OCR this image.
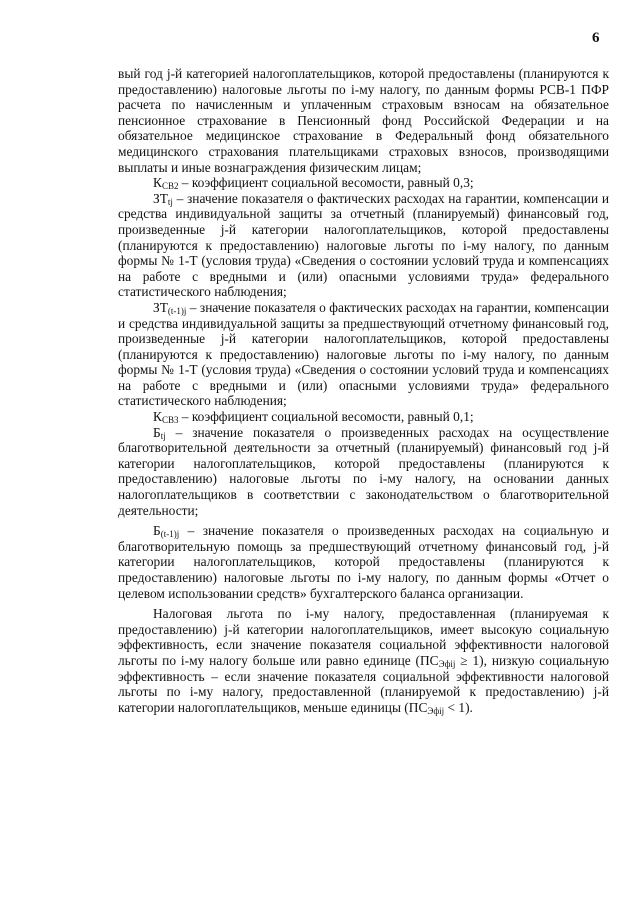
6

вый год j-й категорией налогоплательщиков, которой предоставлены (планируются к предоставлению) налоговые льготы по i-му налогу, по данным формы РСВ-1 ПФР расчета по начисленным и уплаченным страховым взносам на обязательное пенсионное страхование в Пенсионный фонд Российской Федерации и на обязательное медицинское страхование в Федеральный фонд обязательного медицинского страхования плательщиками страховых взносов, производящими выплаты и иные вознаграждения физическим лицам;

$К_{СВ2}$ – коэффициент социальной весомости, равный 0,3;

$ЗТ_{tj}$ – значение показателя о фактических расходах на гарантии, компенсации и средства индивидуальной защиты за отчетный (планируемый) финансовый год, произведенные j-й категории налогоплательщиков, которой предоставлены (планируются к предоставлению) налоговые льготы по i-му налогу, по данным формы № 1-Т (условия труда) «Сведения о состоянии условий труда и компенсациях на работе с вредными и (или) опасными условиями труда» федерального статистического наблюдения;

$ЗТ_{(t-1)j}$ – значение показателя о фактических расходах на гарантии, компенсации и средства индивидуальной защиты за предшествующий отчетному финансовый год, произведенные j-й категории налогоплательщиков, которой предоставлены (планируются к предоставлению) налоговые льготы по i-му налогу, по данным формы № 1-Т (условия труда) «Сведения о состоянии условий труда и компенсациях на работе с вредными и (или) опасными условиями труда» федерального статистического наблюдения;

$К_{СВ3}$ – коэффициент социальной весомости, равный 0,1;

$Б_{tj}$ – значение показателя о произведенных расходах на осуществление благотворительной деятельности за отчетный (планируемый) финансовый год j-й категории налогоплательщиков, которой предоставлены (планируются к предоставлению) налоговые льготы по i-му налогу, на основании данных налогоплательщиков в соответствии с законодательством о благотворительной деятельности;

$Б_{(t-1)j}$ – значение показателя о произведенных расходах на социальную и благотворительную помощь за предшествующий отчетному финансовый год, j-й категории налогоплательщиков, которой предоставлены (планируются к предоставлению) налоговые льготы по i-му налогу, по данным формы «Отчет о целевом использовании средств» бухгалтерского баланса организации.

Налоговая льгота по i-му налогу, предоставленная (планируемая к предоставлению) j-й категории налогоплательщиков, имеет высокую социальную эффективность, если значение показателя социальной эффективности налоговой льготы по i-му налогу больше или равно единице $(ПС_{Эфij} \ge 1)$, низкую социальную эффективность – если значение показателя социальной эффективности налоговой льготы по i-му налогу, предоставленной (планируемой к предоставлению) j-й категории налогоплательщиков, меньше единицы $(ПС_{Эфij} < 1)$.
